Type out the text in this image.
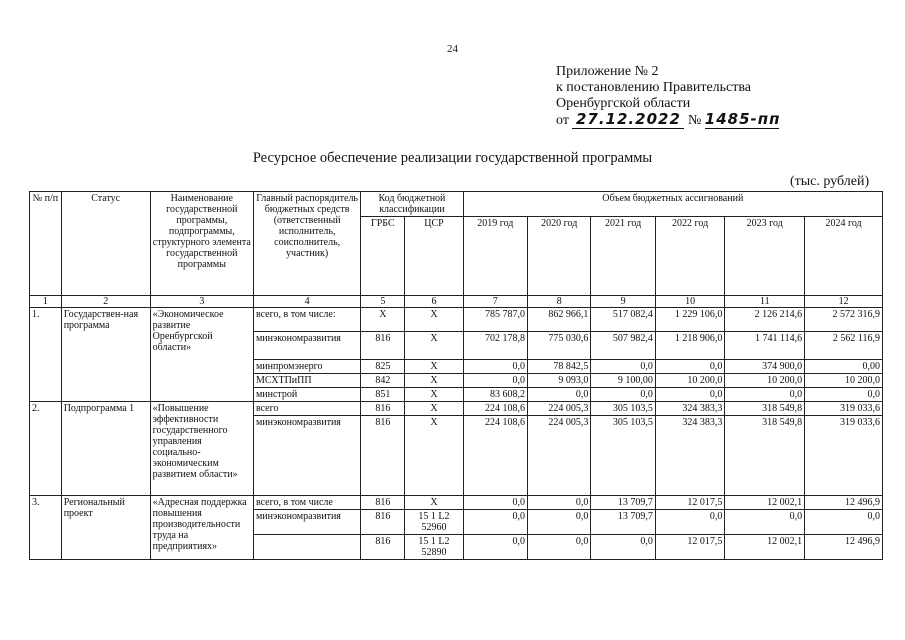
24
Приложение № 2
к постановлению Правительства
Оренбургской области
от 27.12.2022 № 1485-пп
Ресурсное обеспечение реализации государственной программы
(тыс. рублей)
№ п/п	Статус	Наименование государственной программы, подпрограммы, структурного элемента государственной программы	Главный распорядитель бюджетных средств (ответственный исполнитель, соисполнитель, участник)	Код бюджетной классификации		Объем бюджетных ассигнований					
				ГРБС	ЦСР	2019 год	2020 год	2021 год	2022 год	2023 год	2024 год
1	2	3	4	5	6	7	8	9	10	11	12
1.	Государствен-ная программа	«Экономическое развитие Оренбургской области»	всего, в том числе:	Х	Х	785 787,0	862 966,1	517 082,4	1 229 106,0	2 126 214,6	2 572 316,9
			минэкономразвития	816	Х	702 178,8	775 030,6	507 982,4	1 218 906,0	1 741 114,6	2 562 116,9
			минпромэнерго	825	Х	0,0	78 842,5	0,0	0,0	374 900,0	0,00
			МСХТПиПП	842	Х	0,0	9 093,0	9 100,00	10 200,0	10 200,0	10 200,0
			минстрой	851	Х	83 608,2	0,0	0,0	0,0	0,0	0,0
2.	Подпрограмма 1	«Повышение эффективности государственного управления социально-экономическим развитием области»	всего	816	Х	224 108,6	224 005,3	305 103,5	324 383,3	318 549,8	319 033,6
			минэкономразвития	816	Х	224 108,6	224 005,3	305 103,5	324 383,3	318 549,8	319 033,6
3.	Региональный проект	«Адресная поддержка повышения производительности труда на предприятиях»	всего, в том числе	816	Х	0,0	0,0	13 709,7	12 017,5	12 002,1	12 496,9
			минэкономразвития	816	15 1 L2 52960	0,0	0,0	13 709,7	0,0	0,0	0,0
				816	15 1 L2 52890	0,0	0,0	0,0	12 017,5	12 002,1	12 496,9
